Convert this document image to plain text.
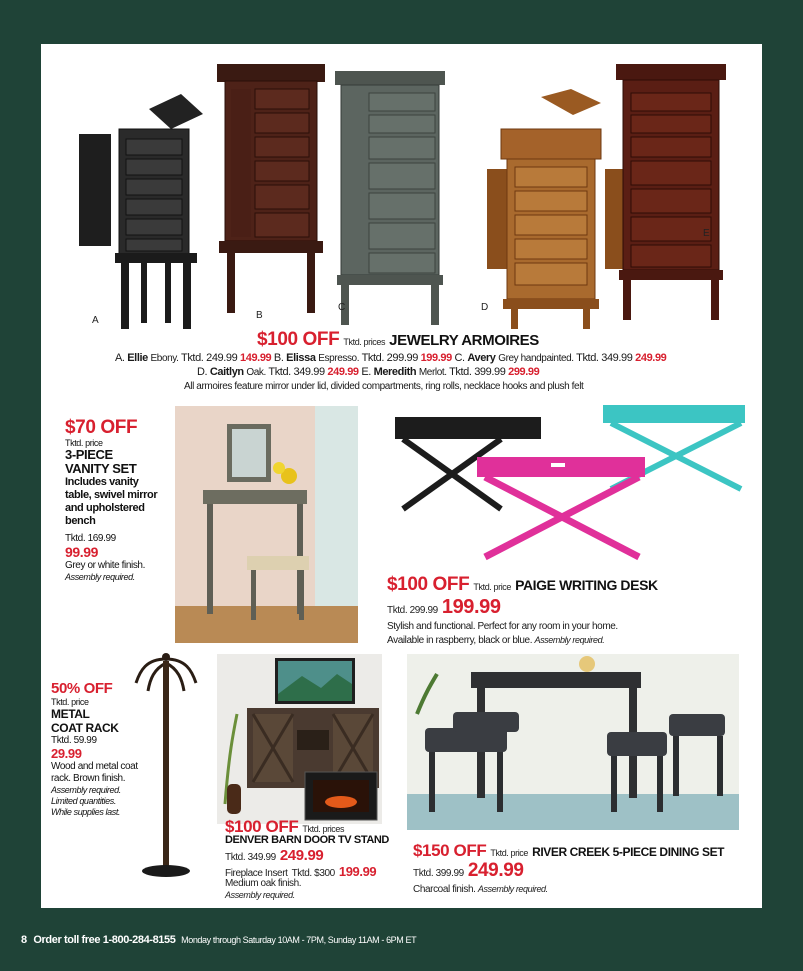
A	B
C	D
E
$100 OFF Tktd. prices JEWELRY ARMOIRES
A. Ellie Ebony. Tktd. 249.99 149.99 B. Elissa Espresso. Tktd. 299.99 199.99 C. Avery Grey handpainted. Tktd. 349.99 249.99
D. Caitlyn Oak. Tktd. 349.99 249.99 E. Meredith Merlot. Tktd. 399.99 299.99
All armoires feature mirror under lid, divided compartments, ring rolls, necklace hooks and plush felt
$70 OFF
Tktd. price
3-PIECE
VANITY SET
Includes vanity
table, swivel mirror
and upholstered
bench
Tktd. 169.99
99.99
Grey or white finish.
Assembly required.	$100 OFF Tktd. price PAIGE WRITING DESK
Tktd. 299.99 199.99
Stylish and functional. Perfect for any room in your home.
Available in raspberry, black or blue. Assembly required.
50% OFF
Tktd. price
METAL
COAT RACK
Tktd. 59.99
29.99
Wood and metal coat
rack. Brown finish.
Assembly required.
Limited quantities.
While supplies last.
$100 OFF Tktd. prices
DENVER BARN DOOR TV STAND
Tktd. 349.99 249.99
Fireplace Insert Tktd. $300 199.99
Medium oak finish.
Assembly required.
$150 OFF Tktd. price RIVER CREEK 5-PIECE DINING SET
Tktd. 399.99 249.99
Charcoal finish. Assembly required.
8 Order toll free 1-800-284-8155 Monday through Saturday 10AM - 7PM, Sunday 11AM - 6PM ET
